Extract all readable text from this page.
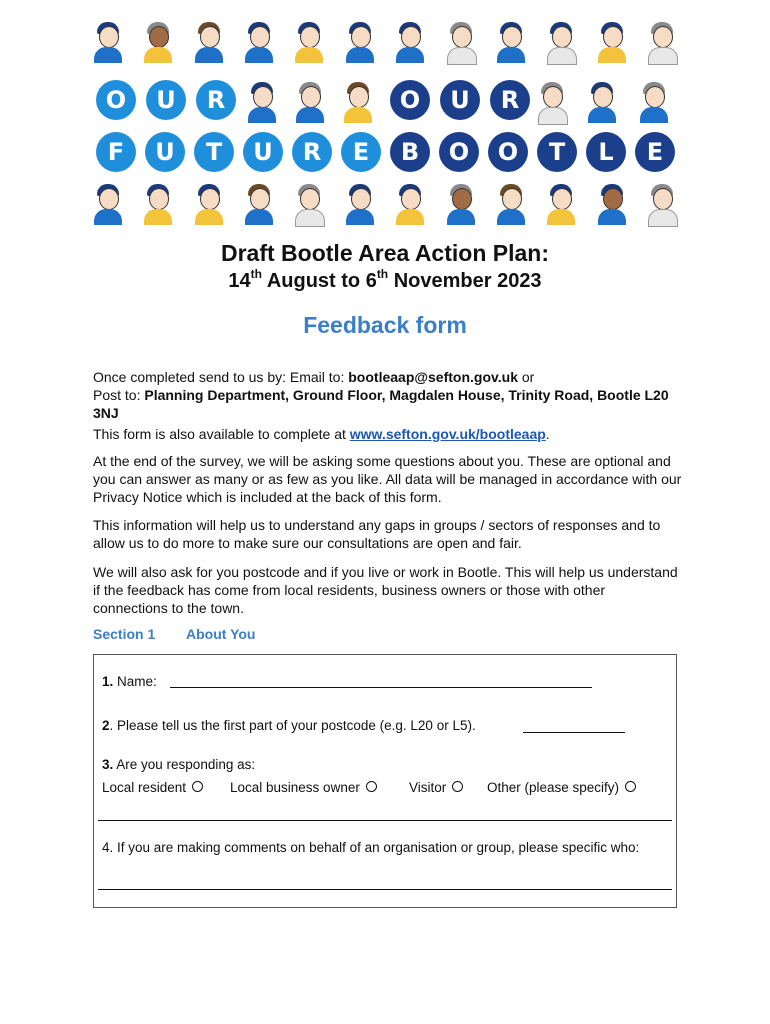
O	U	R	O	U	R
F	U	T	U	R	E	B	O	O	T	L	E
Draft Bootle Area Action Plan:
14th August to 6th November 2023
Feedback form
Once completed send to us by: Email to: bootleaap@sefton.gov.uk or
Post to: Planning Department, Ground Floor, Magdalen House, Trinity Road, Bootle L20 3NJ
This form is also available to complete at www.sefton.gov.uk/bootleaap.
At the end of the survey, we will be asking some questions about you. These are optional and you can answer as many or as few as you like. All data will be managed in accordance with our Privacy Notice which is included at the back of this form.
This information will help us to understand any gaps in groups / sectors of responses and to allow us to do more to make sure our consultations are open and fair.
We will also ask for you postcode and if you live or work in Bootle. This will help us understand if the feedback has come from local residents, business owners or those with other connections to the town.
Section 1 About You
1. Name:
2. Please tell us the first part of your postcode (e.g. L20 or L5).
3. Are you responding as:
Local resident	Local business owner	Visitor	Other (please specify)
4. If you are making comments on behalf of an organisation or group, please specific who:
